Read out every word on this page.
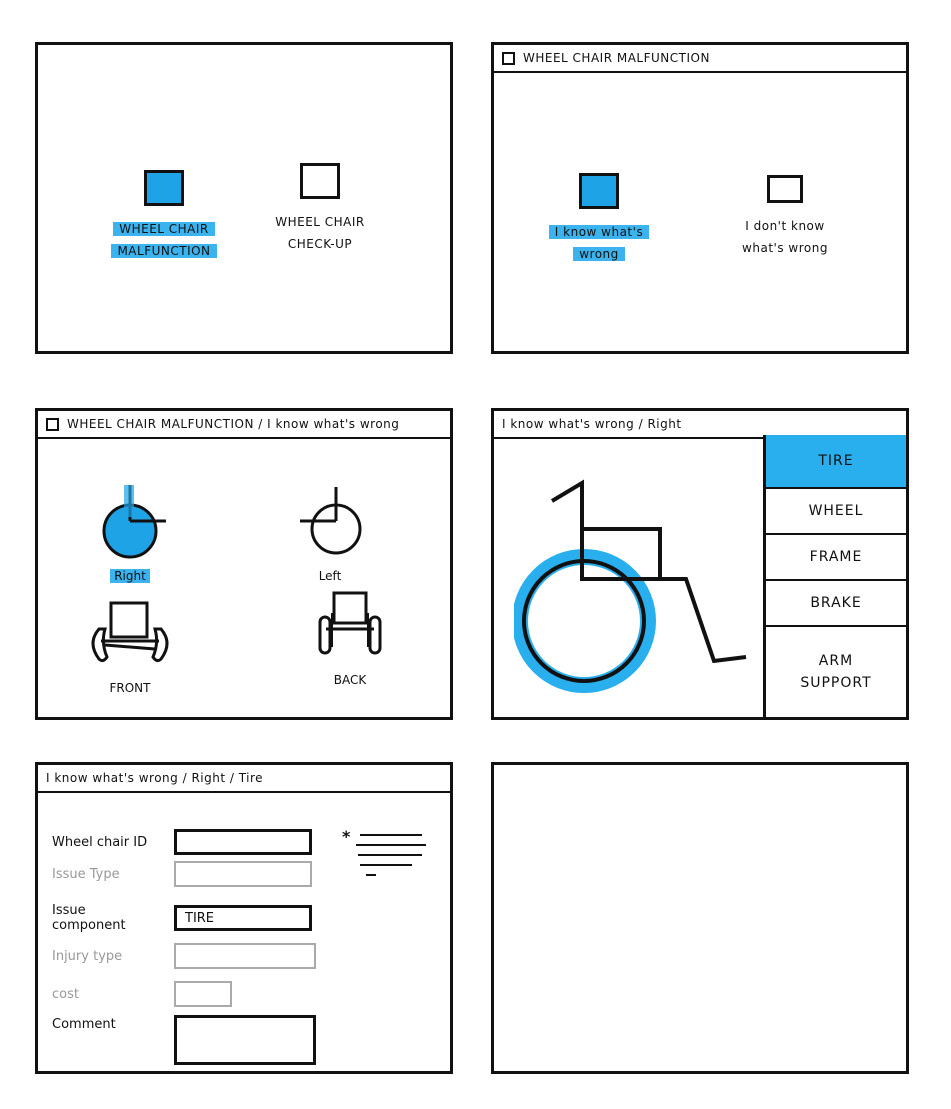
WHEEL CHAIR
MALFUNCTION
WHEEL CHAIR
CHECK-UP
WHEEL CHAIR MALFUNCTION
I know what's
wrong
I don't know
what's wrong
WHEEL CHAIR MALFUNCTION / I know what's wrong
Right	Left
FRONT
BACK
I know what's wrong / Right
TIRE
WHEEL
FRAME
BRAKE
ARM
SUPPORT
I know what's wrong / Right / Tire
Wheel chair ID
Issue Type
Issue
component	TIRE
Injury type
cost
Comment
*
